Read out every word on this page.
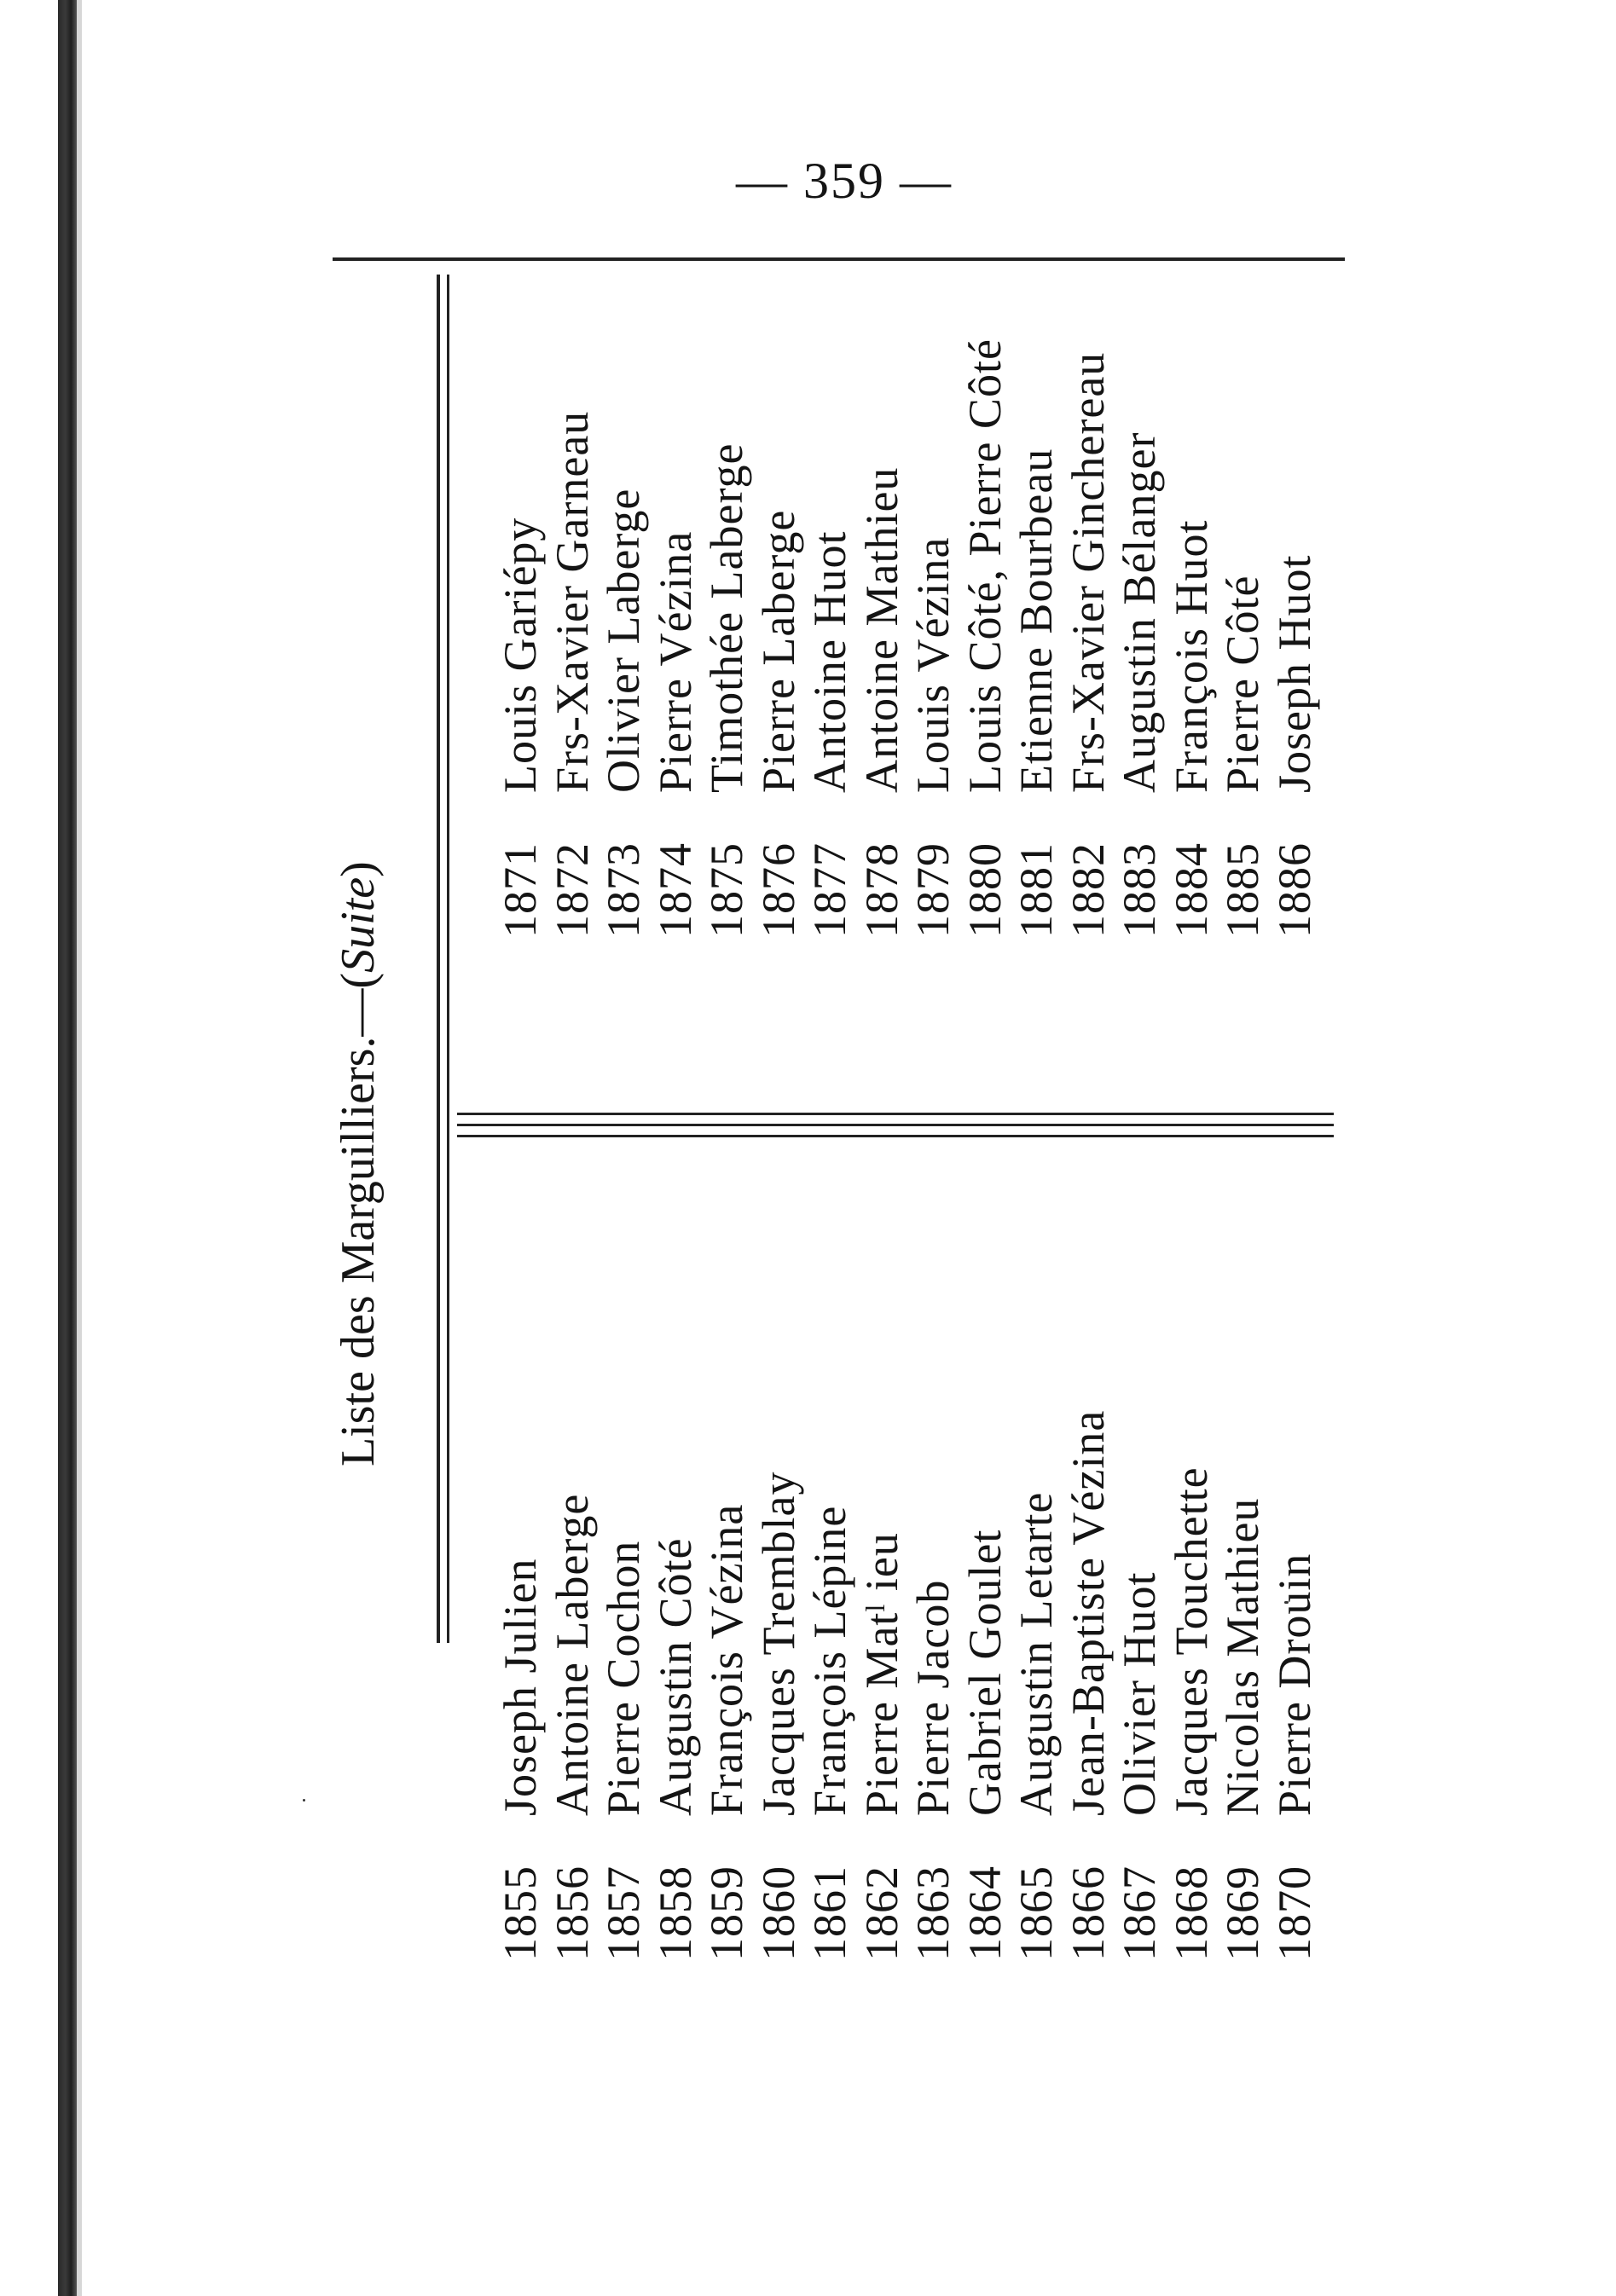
— 359 —
Liste des Marguilliers.—(Suite)
1855Joseph Julien
1856Antoine Laberge
1857Pierre Cochon
1858Augustin Côté
1859François Vézina
1860Jacques Tremblay
1861François Lépine
1862Pierre Matˡ ieu
1863Pierre Jacob
1864Gabriel Goulet
1865Augustin Letarte
1866Jean-Baptiste Vézina
1867Olivier Huot
1868Jacques Touchette
1869Nicolas Mathieu
1870Pierre Drouin
1871Louis Gariépy
1872Frs-Xavier Garneau
1873Olivier Laberge
1874Pierre Vézina
1875Timothée Laberge
1876Pierre Laberge
1877Antoine Huot
1878Antoine Mathieu
1879Louis Vézina
1880Louis Côté, Pierre Côté
1881Etienne Bourbeau
1882Frs-Xavier Ginchereau
1883Augustin Bélanger
1884François Huot
1885Pierre Côté
1886Joseph Huot
